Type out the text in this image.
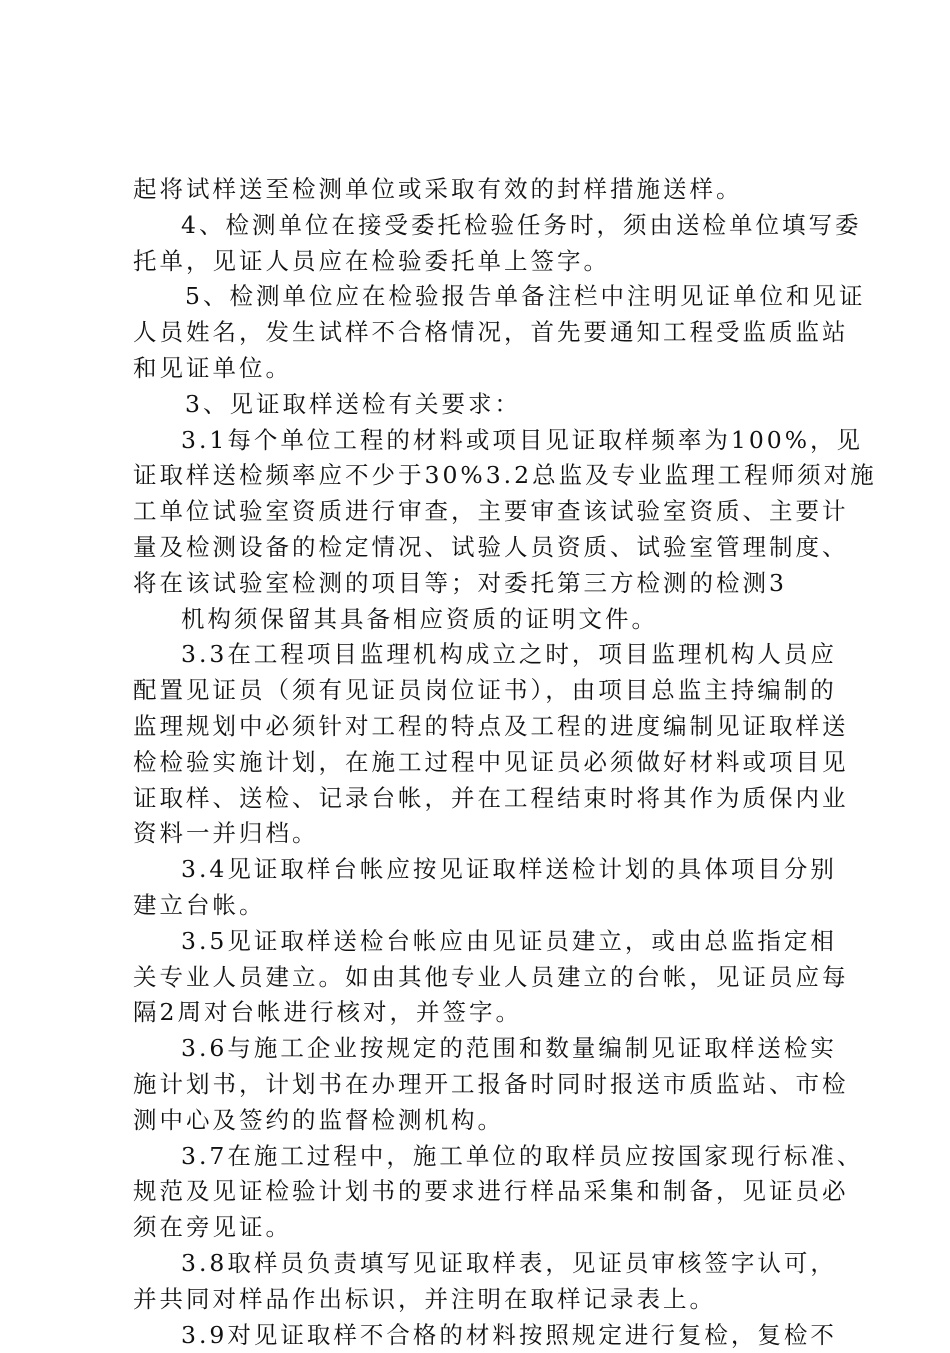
起将试样送至检测单位或采取有效的封样措施送样。
4、检测单位在接受委托检验任务时，须由送检单位填写委
托单，见证人员应在检验委托单上签字。
5、检测单位应在检验报告单备注栏中注明见证单位和见证
人员姓名，发生试样不合格情况，首先要通知工程受监质监站
和见证单位。
3、见证取样送检有关要求：
3.1每个单位工程的材料或项目见证取样频率为100%，见
证取样送检频率应不少于30%3.2总监及专业监理工程师须对施
工单位试验室资质进行审查，主要审查该试验室资质、主要计
量及检测设备的检定情况、试验人员资质、试验室管理制度、
将在该试验室检测的项目等；对委托第三方检测的检测3
机构须保留其具备相应资质的证明文件。
3.3在工程项目监理机构成立之时，项目监理机构人员应
配置见证员（须有见证员岗位证书），由项目总监主持编制的
监理规划中必须针对工程的特点及工程的进度编制见证取样送
检检验实施计划，在施工过程中见证员必须做好材料或项目见
证取样、送检、记录台帐，并在工程结束时将其作为质保内业
资料一并归档。
3.4见证取样台帐应按见证取样送检计划的具体项目分别
建立台帐。
3.5见证取样送检台帐应由见证员建立，或由总监指定相
关专业人员建立。如由其他专业人员建立的台帐，见证员应每
隔2周对台帐进行核对，并签字。
3.6与施工企业按规定的范围和数量编制见证取样送检实
施计划书，计划书在办理开工报备时同时报送市质监站、市检
测中心及签约的监督检测机构。
3.7在施工过程中，施工单位的取样员应按国家现行标准、
规范及见证检验计划书的要求进行样品采集和制备，见证员必
须在旁见证。
3.8取样员负责填写见证取样表，见证员审核签字认可，
并共同对样品作出标识，并注明在取样记录表上。
3.9对见证取样不合格的材料按照规定进行复检，复检不
